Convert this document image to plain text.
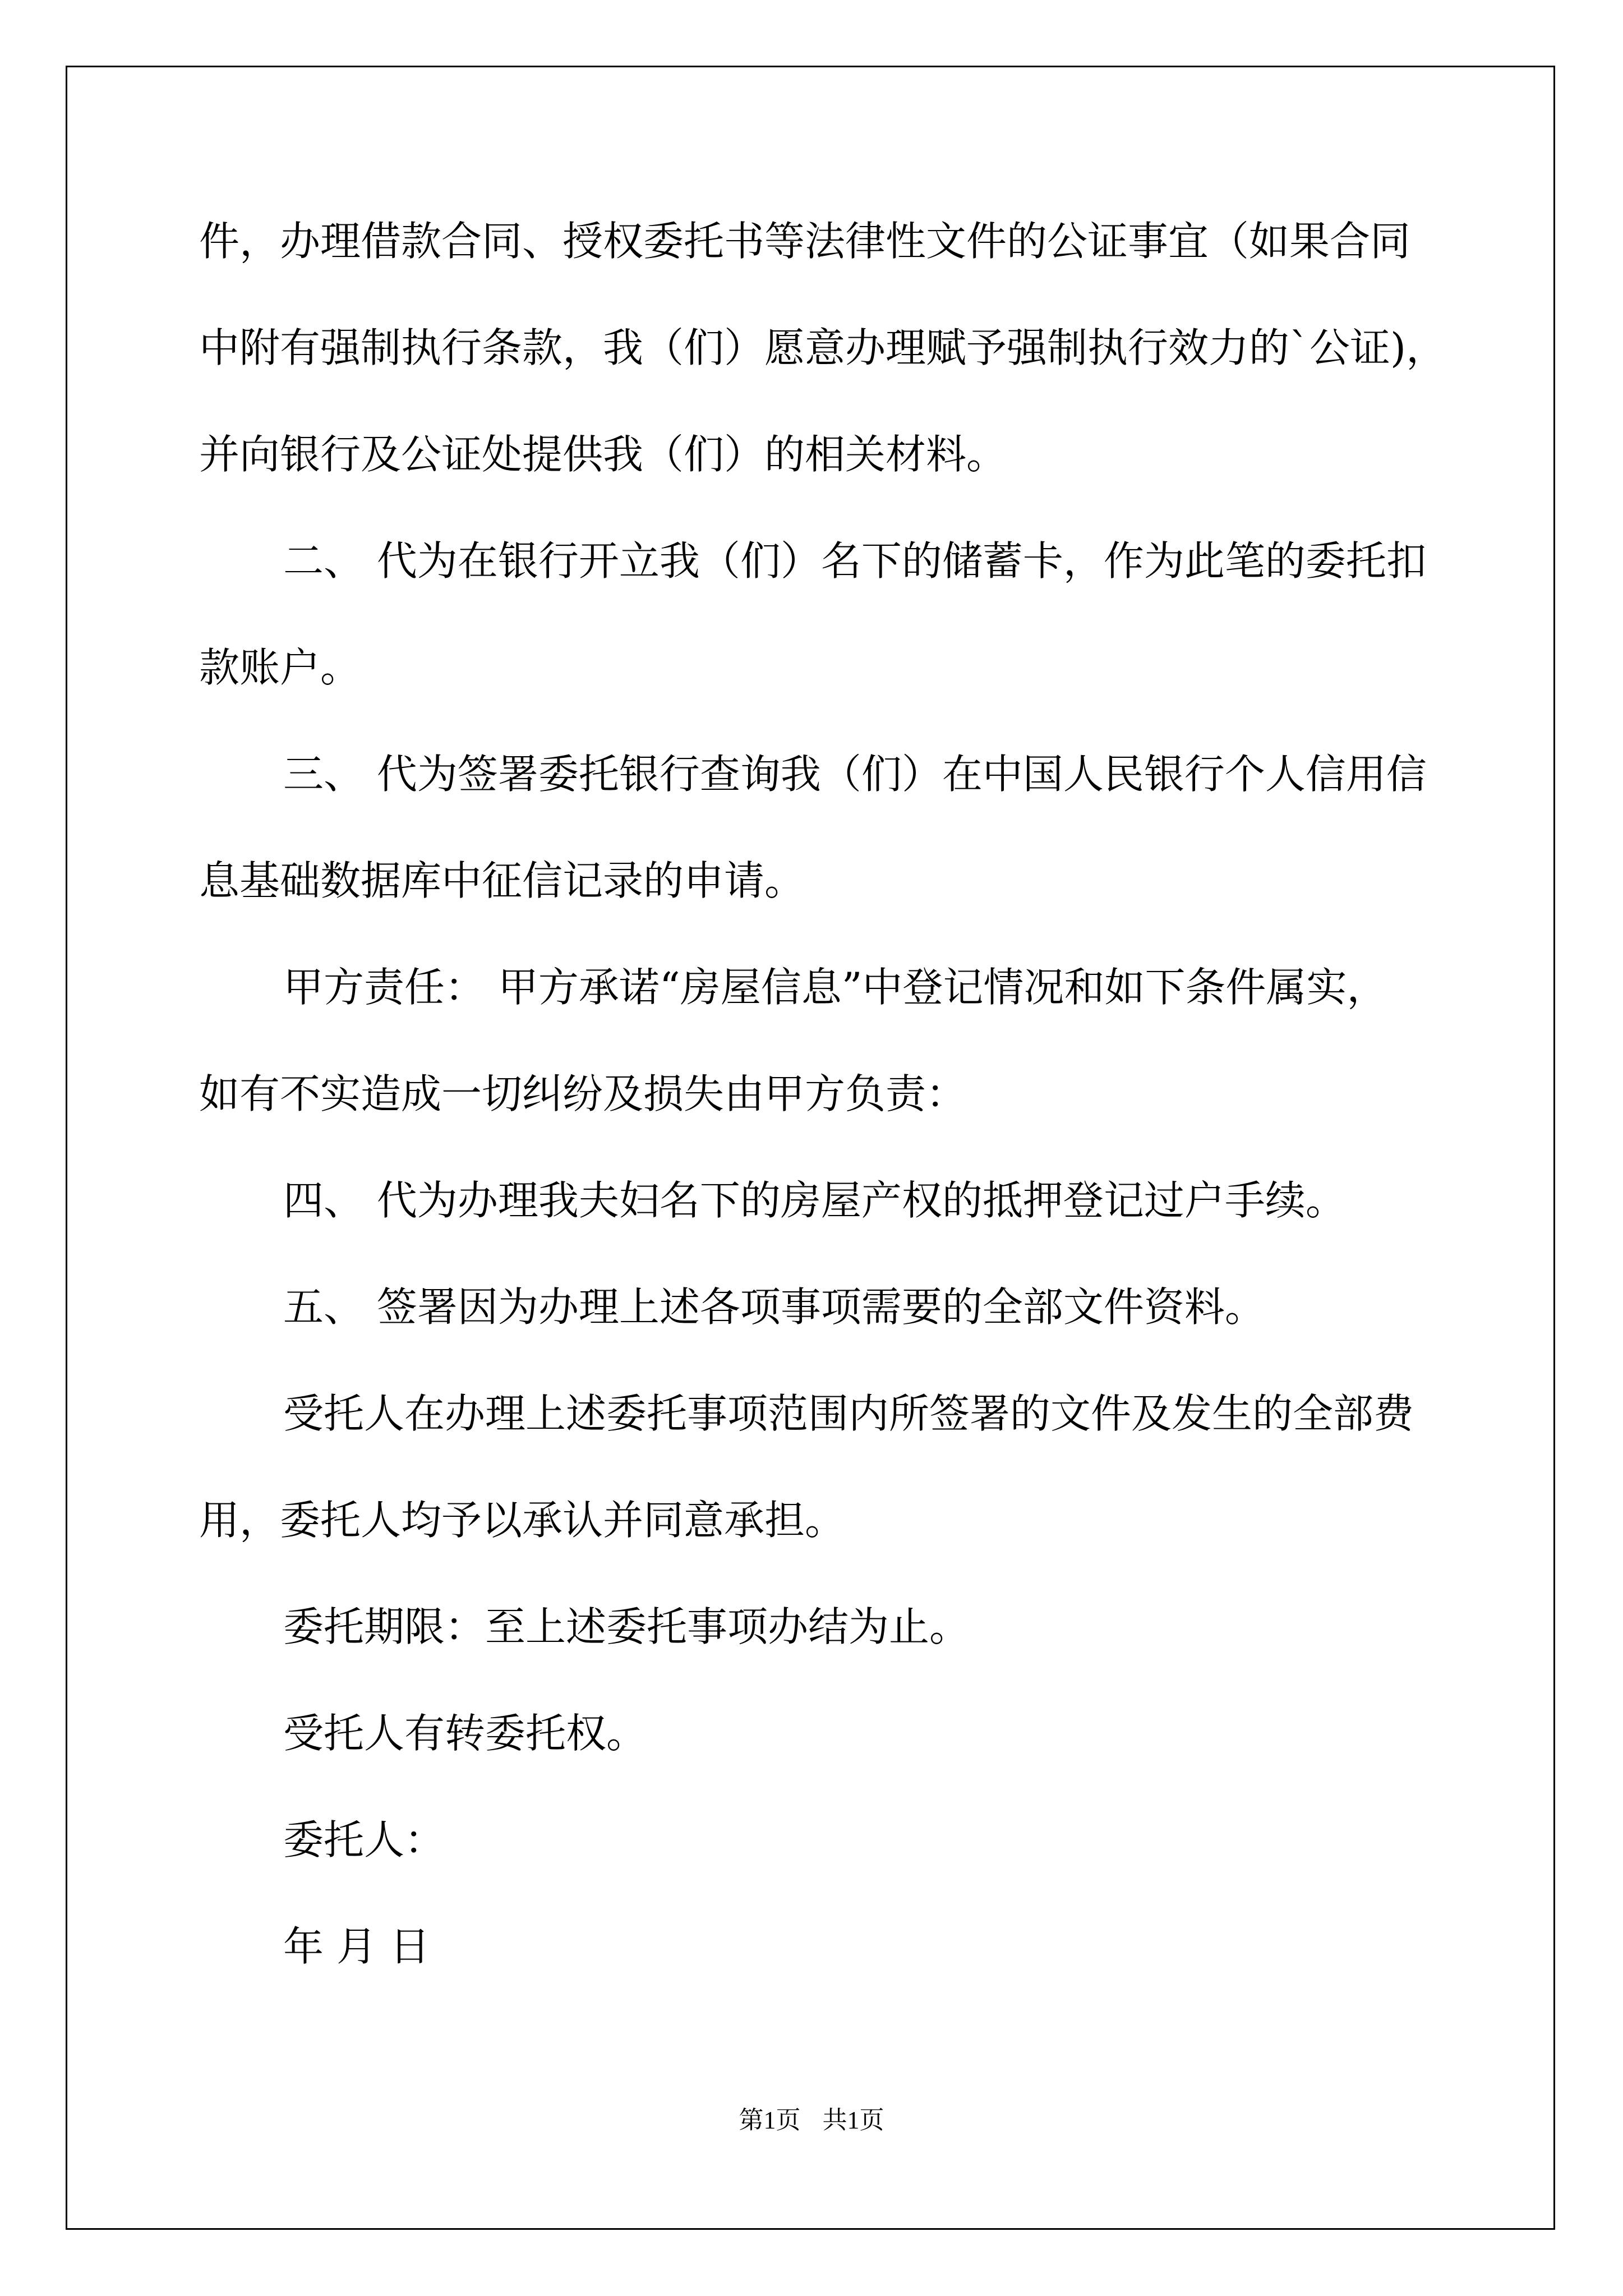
件，办理借款合同、授权委托书等法律性文件的公证事宜（如果合同

中附有强制执行条款，我（们）愿意办理赋予强制执行效力的`公证)，

并向银行及公证处提供我（们）的相关材料。

二、 代为在银行开立我（们）名下的储蓄卡，作为此笔的委托扣

款账户。

三、 代为签署委托银行查询我（们）在中国人民银行个人信用信

息基础数据库中征信记录的申请。

甲方责任： 甲方承诺“房屋信息”中登记情况和如下条件属实，

如有不实造成一切纠纷及损失由甲方负责：

四、 代为办理我夫妇名下的房屋产权的抵押登记过户手续。

五、 签署因为办理上述各项事项需要的全部文件资料。

受托人在办理上述委托事项范围内所签署的文件及发生的全部费

用，委托人均予以承认并同意承担。

委托期限：至上述委托事项办结为止。

受托人有转委托权。

委托人：

年 月 日

第1页 共1页
